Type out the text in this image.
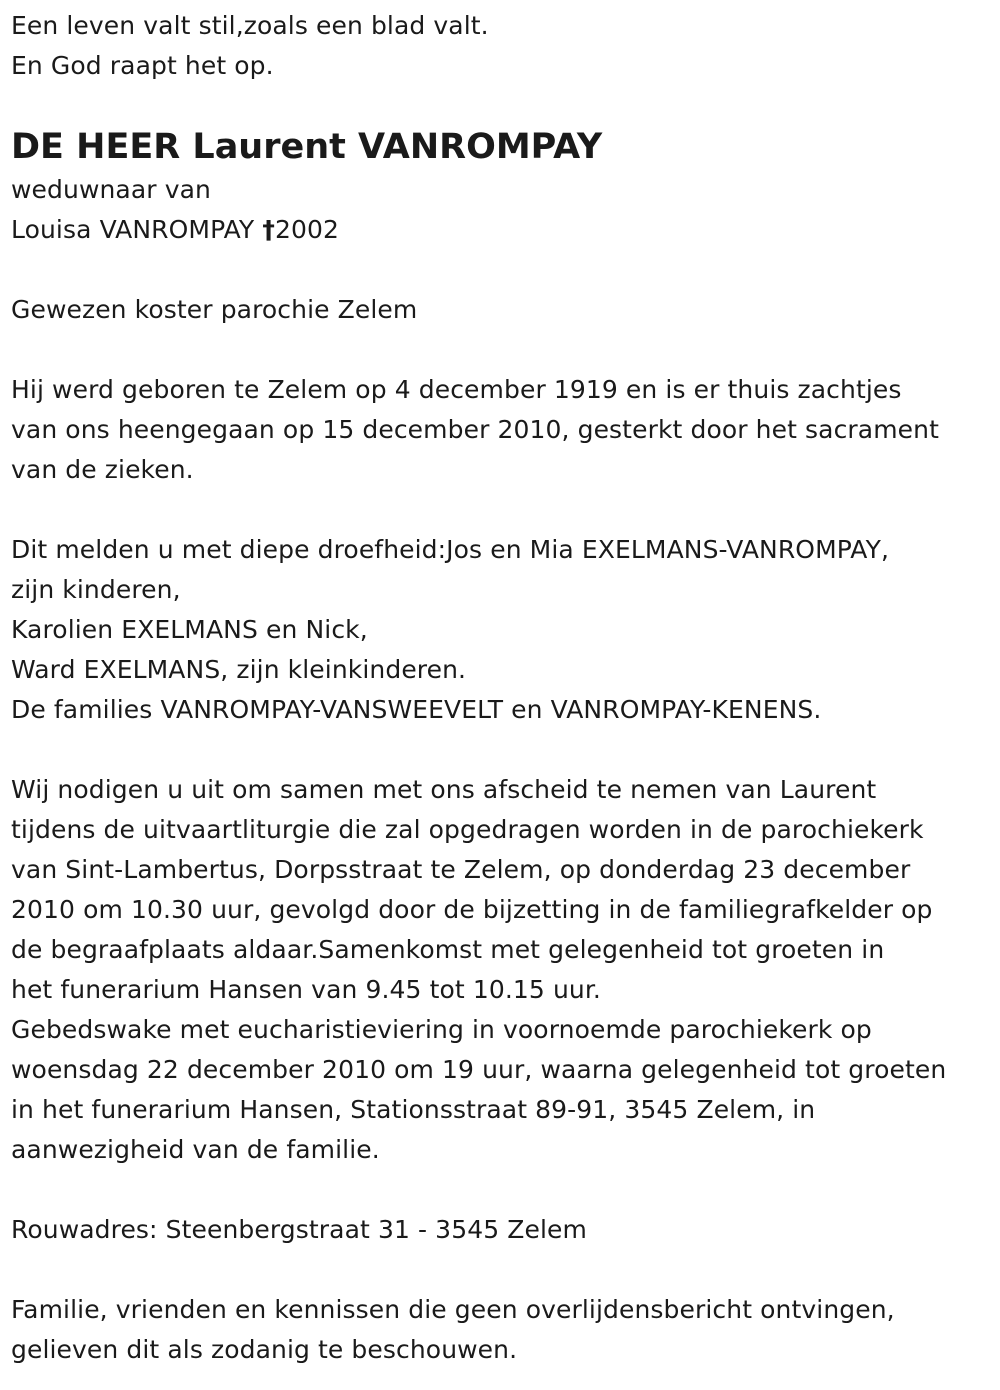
Een leven valt stil,zoals een blad valt.
En God raapt het op.
DE HEER Laurent VANROMPAY
weduwnaar van
Louisa VANROMPAY †2002
Gewezen koster parochie Zelem
Hij werd geboren te Zelem op 4 december 1919 en is er thuis zachtjes
van ons heengegaan op 15 december 2010, gesterkt door het sacrament
van de zieken.
Dit melden u met diepe droefheid:Jos en Mia EXELMANS-VANROMPAY,
zijn kinderen,
Karolien EXELMANS en Nick,
Ward EXELMANS, zijn kleinkinderen.
De families VANROMPAY-VANSWEEVELT en VANROMPAY-KENENS.
Wij nodigen u uit om samen met ons afscheid te nemen van Laurent
tijdens de uitvaartliturgie die zal opgedragen worden in de parochiekerk
van Sint-Lambertus, Dorpsstraat te Zelem, op donderdag 23 december
2010 om 10.30 uur, gevolgd door de bijzetting in de familiegrafkelder op
de begraafplaats aldaar.Samenkomst met gelegenheid tot groeten in
het funerarium Hansen van 9.45 tot 10.15 uur.
Gebedswake met eucharistieviering in voornoemde parochiekerk op
woensdag 22 december 2010 om 19 uur, waarna gelegenheid tot groeten
in het funerarium Hansen, Stationsstraat 89-91, 3545 Zelem, in
aanwezigheid van de familie.
Rouwadres: Steenbergstraat 31 - 3545 Zelem
Familie, vrienden en kennissen die geen overlijdensbericht ontvingen,
gelieven dit als zodanig te beschouwen.
